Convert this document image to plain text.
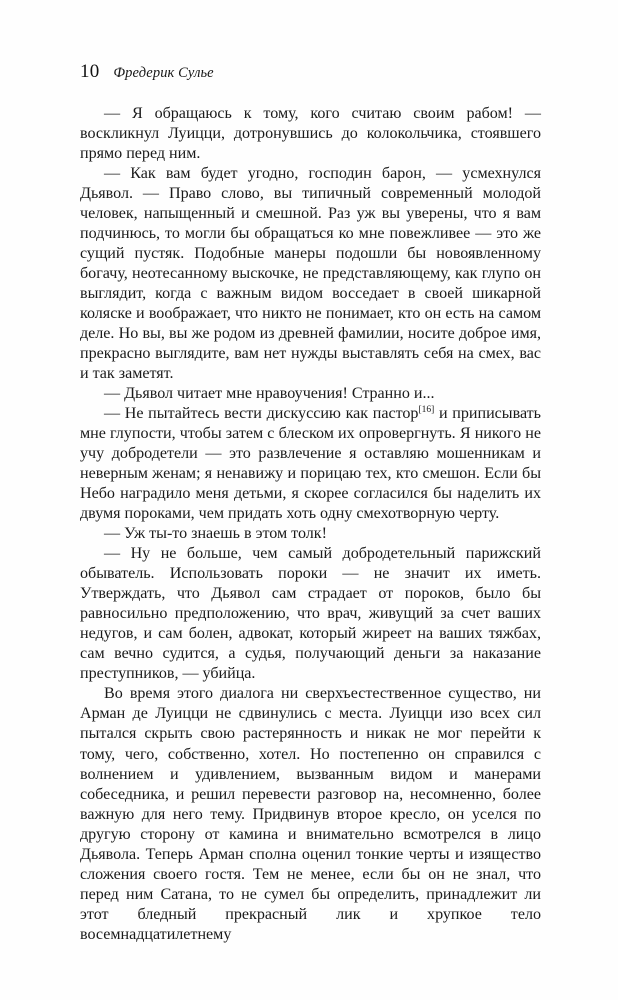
10 Фредерик Сулье

— Я обращаюсь к тому, кого считаю своим рабом! — воскликнул Луицци, дотронувшись до колокольчика, стоявшего прямо перед ним.

— Как вам будет угодно, господин барон, — усмехнулся Дьявол. — Право слово, вы типичный современный молодой человек, напыщенный и смешной. Раз уж вы уверены, что я вам подчинюсь, то могли бы обращаться ко мне повежливее — это же сущий пустяк. Подобные манеры подошли бы новоявленному богачу, неотесанному выскочке, не представляющему, как глупо он выглядит, когда с важным видом восседает в своей шикарной коляске и воображает, что никто не понимает, кто он есть на самом деле. Но вы, вы же родом из древней фамилии, носите доброе имя, прекрасно выглядите, вам нет нужды выставлять себя на смех, вас и так заметят.

— Дьявол читает мне нравоучения! Странно и...

— Не пытайтесь вести дискуссию как пастор[16] и приписывать мне глупости, чтобы затем с блеском их опровергнуть. Я никого не учу добродетели — это развлечение я оставляю мошенникам и неверным женам; я ненавижу и порицаю тех, кто смешон. Если бы Небо наградило меня детьми, я скорее согласился бы наделить их двумя пороками, чем придать хоть одну смехотворную черту.

— Уж ты-то знаешь в этом толк!

— Ну не больше, чем самый добродетельный парижский обыватель. Использовать пороки — не значит их иметь. Утверждать, что Дьявол сам страдает от пороков, было бы равносильно предположению, что врач, живущий за счет ваших недугов, и сам болен, адвокат, который жиреет на ваших тяжбах, сам вечно судится, а судья, получающий деньги за наказание преступников, — убийца.

Во время этого диалога ни сверхъестественное существо, ни Арман де Луицци не сдвинулись с места. Луицци изо всех сил пытался скрыть свою растерянность и никак не мог перейти к тому, чего, собственно, хотел. Но постепенно он справился с волнением и удивлением, вызванным видом и манерами собеседника, и решил перевести разговор на, несомненно, более важную для него тему. Придвинув второе кресло, он уселся по другую сторону от камина и внимательно всмотрелся в лицо Дьявола. Теперь Арман сполна оценил тонкие черты и изящество сложения своего гостя. Тем не менее, если бы он не знал, что перед ним Сатана, то не сумел бы определить, принадлежит ли этот бледный прекрасный лик и хрупкое тело восемнадцатилетнему
